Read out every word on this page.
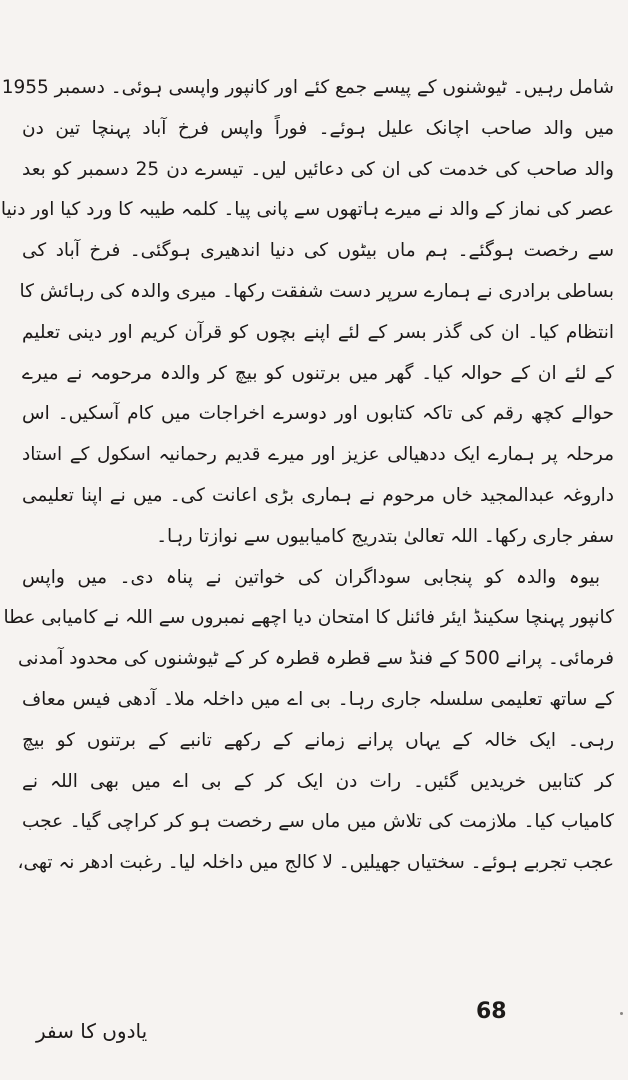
شامل رہیں۔ ٹیوشنوں کے پیسے جمع کئے اور کانپور واپسی ہوئی۔ دسمبر 1955
میں والد صاحب اچانک علیل ہوئے۔ فوراً واپس فرخ آباد پہنچا تین دن
والد صاحب کی خدمت کی ان کی دعائیں لیں۔ تیسرے دن 25 دسمبر کو بعد
عصر کی نماز کے والد نے میرے ہاتھوں سے پانی پیا۔ کلمہ طیبہ کا ورد کیا اور دنیا
سے رخصت ہوگئے۔ ہم ماں بیٹوں کی دنیا اندھیری ہوگئی۔ فرخ آباد کی
بساطی برادری نے ہمارے سرپر دست شفقت رکھا۔ میری والدہ کی رہائش کا
انتظام کیا۔ ان کی گذر بسر کے لئے اپنے بچوں کو قرآن کریم اور دینی تعلیم
کے لئے ان کے حوالہ کیا۔ گھر میں برتنوں کو بیچ کر والدہ مرحومہ نے میرے
حوالے کچھ رقم کی تاکہ کتابوں اور دوسرے اخراجات میں کام آسکیں۔ اس
مرحلہ پر ہمارے ایک ددھیالی عزیز اور میرے قدیم رحمانیہ اسکول کے استاد
داروغہ عبدالمجید خاں مرحوم نے ہماری بڑی اعانت کی۔ میں نے اپنا تعلیمی
سفر جاری رکھا۔ اللہ تعالیٰ بتدریج کامیابیوں سے نوازتا رہا۔
بیوہ والدہ کو پنجابی سوداگران کی خواتین نے پناہ دی۔ میں واپس
کانپور پہنچا سکینڈ ایئر فائنل کا امتحان دیا اچھے نمبروں سے اللہ نے کامیابی عطا
فرمائی۔ پرانے 500 کے فنڈ سے قطرہ قطرہ کر کے ٹیوشنوں کی محدود آمدنی
کے ساتھ تعلیمی سلسلہ جاری رہا۔ بی اے میں داخلہ ملا۔ آدھی فیس معاف
رہی۔ ایک خالہ کے یہاں پرانے زمانے کے رکھے تانبے کے برتنوں کو بیچ
کر کتابیں خریدیں گئیں۔ رات دن ایک کر کے بی اے میں بھی اللہ نے
کامیاب کیا۔ ملازمت کی تلاش میں ماں سے رخصت ہو کر کراچی گیا۔ عجب
عجب تجربے ہوئے۔ سختیاں جھیلیں۔ لا کالج میں داخلہ لیا۔ رغبت ادھر نہ تھی،
68
یادوں کا سفر
